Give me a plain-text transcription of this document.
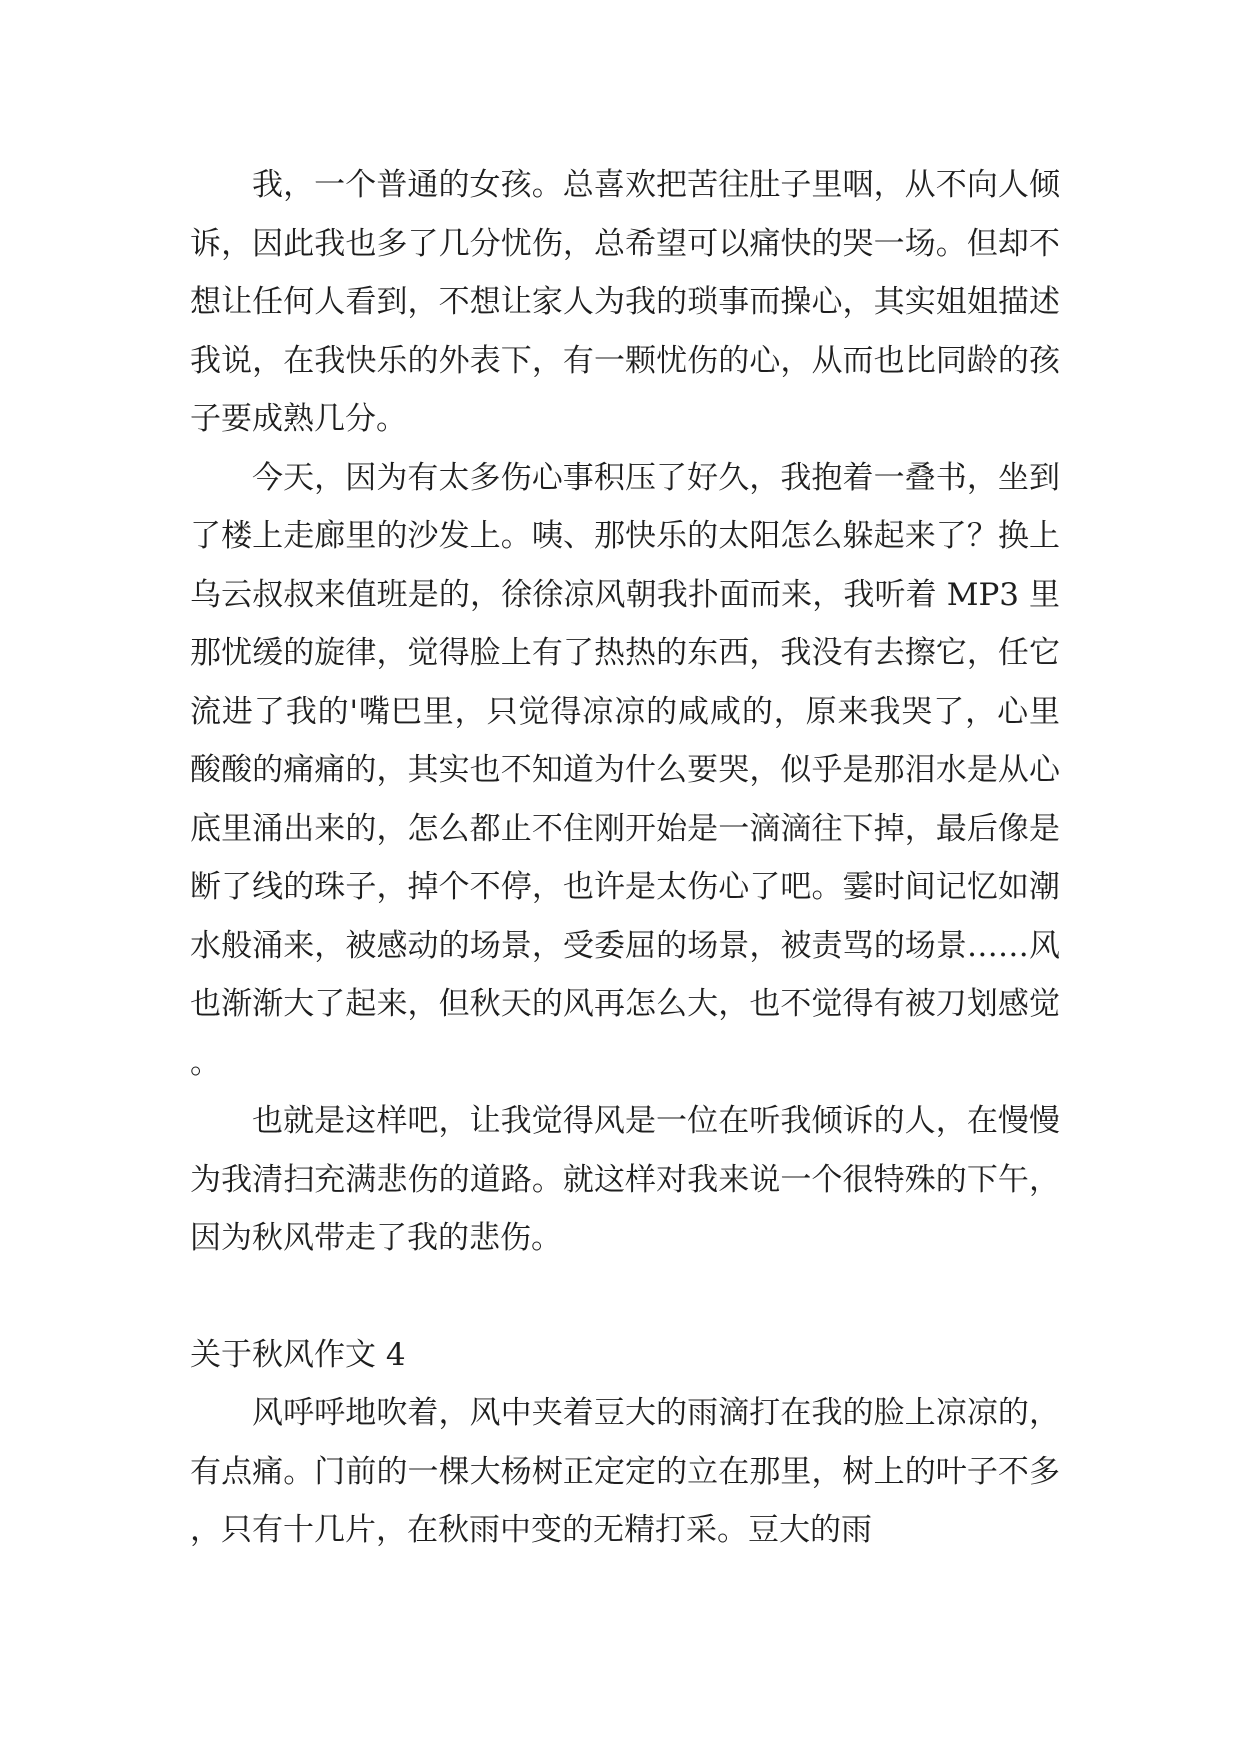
我，一个普通的女孩。总喜欢把苦往肚子里咽，从不向人倾诉，因此我也多了几分忧伤，总希望可以痛快的哭一场。但却不想让任何人看到，不想让家人为我的琐事而操心，其实姐姐描述我说，在我快乐的外表下，有一颗忧伤的心，从而也比同龄的孩子要成熟几分。

今天，因为有太多伤心事积压了好久，我抱着一叠书，坐到了楼上走廊里的沙发上。咦、那快乐的太阳怎么躲起来了？换上乌云叔叔来值班是的，徐徐凉风朝我扑面而来，我听着 MP3 里那忧缓的旋律，觉得脸上有了热热的东西，我没有去擦它，任它流进了我的'嘴巴里，只觉得凉凉的咸咸的，原来我哭了，心里酸酸的痛痛的，其实也不知道为什么要哭，似乎是那泪水是从心底里涌出来的，怎么都止不住刚开始是一滴滴往下掉，最后像是断了线的珠子，掉个不停，也许是太伤心了吧。霎时间记忆如潮水般涌来，被感动的场景，受委屈的场景，被责骂的场景……风也渐渐大了起来，但秋天的风再怎么大，也不觉得有被刀划感觉。

也就是这样吧，让我觉得风是一位在听我倾诉的人，在慢慢为我清扫充满悲伤的道路。就这样对我来说一个很特殊的下午，因为秋风带走了我的悲伤。

关于秋风作文 4

风呼呼地吹着，风中夹着豆大的雨滴打在我的脸上凉凉的，有点痛。门前的一棵大杨树正定定的立在那里，树上的叶子不多，只有十几片，在秋雨中变的无精打采。豆大的雨
